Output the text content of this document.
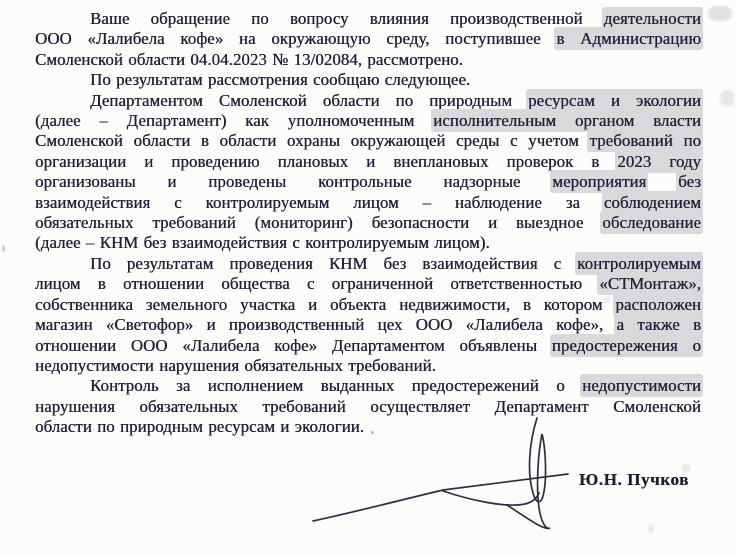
Ваше обращение по вопросу влияния производственной деятельности
ООО «Лалибела кофе» на окружающую среду, поступившее в Администрацию
Смоленской области 04.04.2023 № 13/02084, рассмотрено.
По результатам рассмотрения сообщаю следующее.
Департаментом Смоленской области по природным ресурсам и экологии
(далее – Департамент) как уполномоченным исполнительным органом власти
Смоленской области в области охраны окружающей среды с учетом требований по
организации и проведению плановых и внеплановых проверок в 2023 году
организованы и проведены контрольные надзорные мероприятия без
взаимодействия с контролируемым лицом – наблюдение за соблюдением
обязательных требований (мониторинг) безопасности и выездное обследование
(далее – КНМ без взаимодействия с контролируемым лицом).
По результатам проведения КНМ без взаимодействия с контролируемым
лицом в отношении общества с ограниченной ответственностью «СТМонтаж»,
собственника земельного участка и объекта недвижимости, в котором расположен
магазин «Светофор» и производственный цех ООО «Лалибела кофе», а также в
отношении ООО «Лалибела кофе» Департаментом объявлены предостережения о
недопустимости нарушения обязательных требований.
Контроль за исполнением выданных предостережений о недопустимости
нарушения обязательных требований осуществляет Департамент Смоленской
области по природным ресурсам и экологии.
Ю.Н. Пучков
